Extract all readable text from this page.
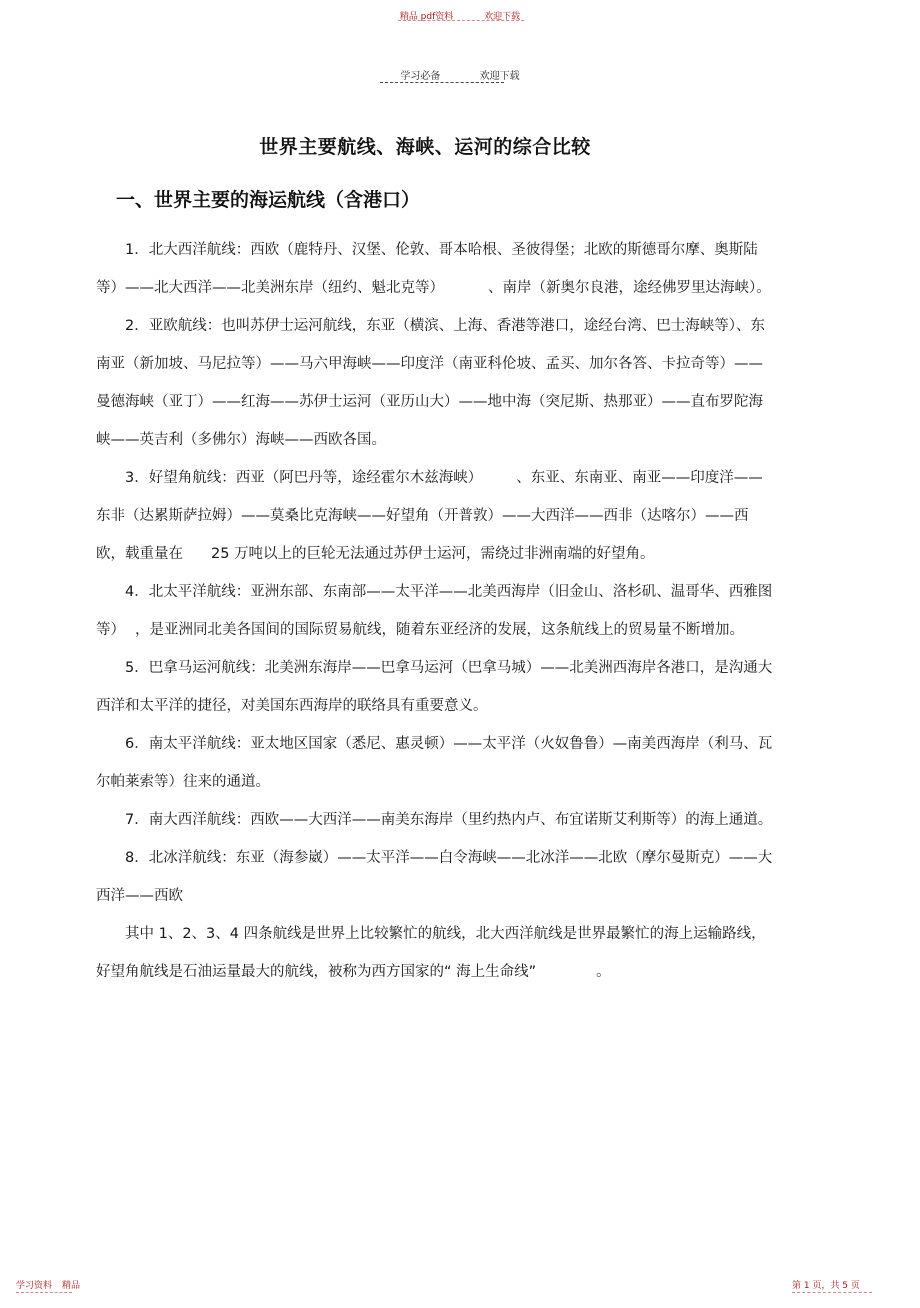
精品 pdf资料	欢迎下载
学习必备	欢迎下载
世界主要航线、海峡、运河的综合比较
一、世界主要的海运航线（含港口）

1．北大西洋航线：西欧（鹿特丹、汉堡、伦敦、哥本哈根、圣彼得堡；北欧的斯德哥尔摩、奥斯陆等）——北大西洋——北美洲东岸（纽约、魁北克等）	、南岸（新奥尔良港，途经佛罗里达海峡）。

2．亚欧航线：也叫苏伊士运河航线，东亚（横滨、上海、香港等港口，途经台湾、巴士海峡等）、东南亚（新加坡、马尼拉等）——马六甲海峡——印度洋（南亚科伦坡、孟买、加尔各答、卡拉奇等）——曼德海峡（亚丁）——红海——苏伊士运河（亚历山大）——地中海（突尼斯、热那亚）——直布罗陀海峡——英吉利（多佛尔）海峡——西欧各国。

3．好望角航线：西亚（阿巴丹等，途经霍尔木兹海峡） 、东亚、东南亚、南亚——印度洋——东非（达累斯萨拉姆）——莫桑比克海峡——好望角（开普敦）——大西洋——西非（达喀尔）——西欧，载重量在 25 万吨以上的巨轮无法通过苏伊士运河，需绕过非洲南端的好望角。

4．北太平洋航线：亚洲东部、东南部——太平洋——北美西海岸（旧金山、洛杉矶、温哥华、西雅图等） ，是亚洲同北美各国间的国际贸易航线，随着东亚经济的发展，这条航线上的贸易量不断增加。

5．巴拿马运河航线：北美洲东海岸——巴拿马运河（巴拿马城）——北美洲西海岸各港口，是沟通大西洋和太平洋的捷径，对美国东西海岸的联络具有重要意义。

6．南太平洋航线：亚太地区国家（悉尼、惠灵顿）——太平洋（火奴鲁鲁）—南美西海岸（利马、瓦尔帕莱索等）往来的通道。

7．南大西洋航线：西欧——大西洋——南美东海岸（里约热内卢、布宜诺斯艾利斯等）的海上通道。

8．北冰洋航线：东亚（海参崴）——太平洋——白令海峡——北冰洋——北欧（摩尔曼斯克）——大西洋——西欧

其中 1、2、3、4 四条航线是世界上比较繁忙的航线，北大西洋航线是世界最繁忙的海上运输路线，好望角航线是石油运量最大的航线，被称为西方国家的“ 海上生命线”	。

学习资料 精品	第 1 页，共 5 页
